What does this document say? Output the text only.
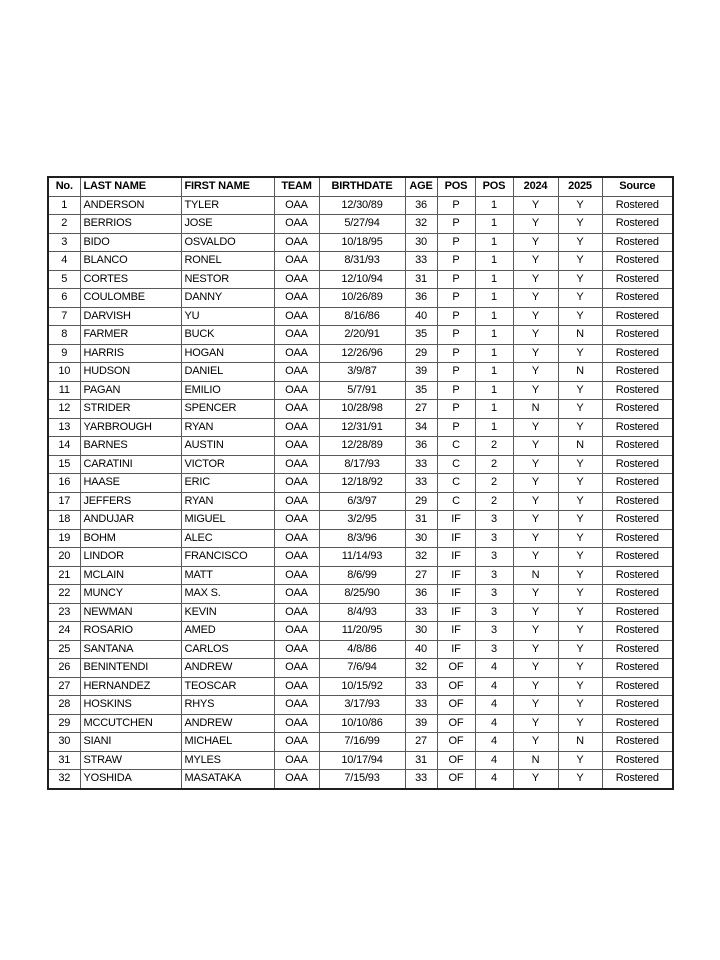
No.	LAST NAME	FIRST NAME	TEAM	BIRTHDATE	AGE	POS	POS	2024	2025	Source
1	ANDERSON	TYLER	OAA	12/30/89	36	P	1	Y	Y	Rostered
2	BERRIOS	JOSE	OAA	5/27/94	32	P	1	Y	Y	Rostered
3	BIDO	OSVALDO	OAA	10/18/95	30	P	1	Y	Y	Rostered
4	BLANCO	RONEL	OAA	8/31/93	33	P	1	Y	Y	Rostered
5	CORTES	NESTOR	OAA	12/10/94	31	P	1	Y	Y	Rostered
6	COULOMBE	DANNY	OAA	10/26/89	36	P	1	Y	Y	Rostered
7	DARVISH	YU	OAA	8/16/86	40	P	1	Y	Y	Rostered
8	FARMER	BUCK	OAA	2/20/91	35	P	1	Y	N	Rostered
9	HARRIS	HOGAN	OAA	12/26/96	29	P	1	Y	Y	Rostered
10	HUDSON	DANIEL	OAA	3/9/87	39	P	1	Y	N	Rostered
11	PAGAN	EMILIO	OAA	5/7/91	35	P	1	Y	Y	Rostered
12	STRIDER	SPENCER	OAA	10/28/98	27	P	1	N	Y	Rostered
13	YARBROUGH	RYAN	OAA	12/31/91	34	P	1	Y	Y	Rostered
14	BARNES	AUSTIN	OAA	12/28/89	36	C	2	Y	N	Rostered
15	CARATINI	VICTOR	OAA	8/17/93	33	C	2	Y	Y	Rostered
16	HAASE	ERIC	OAA	12/18/92	33	C	2	Y	Y	Rostered
17	JEFFERS	RYAN	OAA	6/3/97	29	C	2	Y	Y	Rostered
18	ANDUJAR	MIGUEL	OAA	3/2/95	31	IF	3	Y	Y	Rostered
19	BOHM	ALEC	OAA	8/3/96	30	IF	3	Y	Y	Rostered
20	LINDOR	FRANCISCO	OAA	11/14/93	32	IF	3	Y	Y	Rostered
21	MCLAIN	MATT	OAA	8/6/99	27	IF	3	N	Y	Rostered
22	MUNCY	MAX S.	OAA	8/25/90	36	IF	3	Y	Y	Rostered
23	NEWMAN	KEVIN	OAA	8/4/93	33	IF	3	Y	Y	Rostered
24	ROSARIO	AMED	OAA	11/20/95	30	IF	3	Y	Y	Rostered
25	SANTANA	CARLOS	OAA	4/8/86	40	IF	3	Y	Y	Rostered
26	BENINTENDI	ANDREW	OAA	7/6/94	32	OF	4	Y	Y	Rostered
27	HERNANDEZ	TEOSCAR	OAA	10/15/92	33	OF	4	Y	Y	Rostered
28	HOSKINS	RHYS	OAA	3/17/93	33	OF	4	Y	Y	Rostered
29	MCCUTCHEN	ANDREW	OAA	10/10/86	39	OF	4	Y	Y	Rostered
30	SIANI	MICHAEL	OAA	7/16/99	27	OF	4	Y	N	Rostered
31	STRAW	MYLES	OAA	10/17/94	31	OF	4	N	Y	Rostered
32	YOSHIDA	MASATAKA	OAA	7/15/93	33	OF	4	Y	Y	Rostered
